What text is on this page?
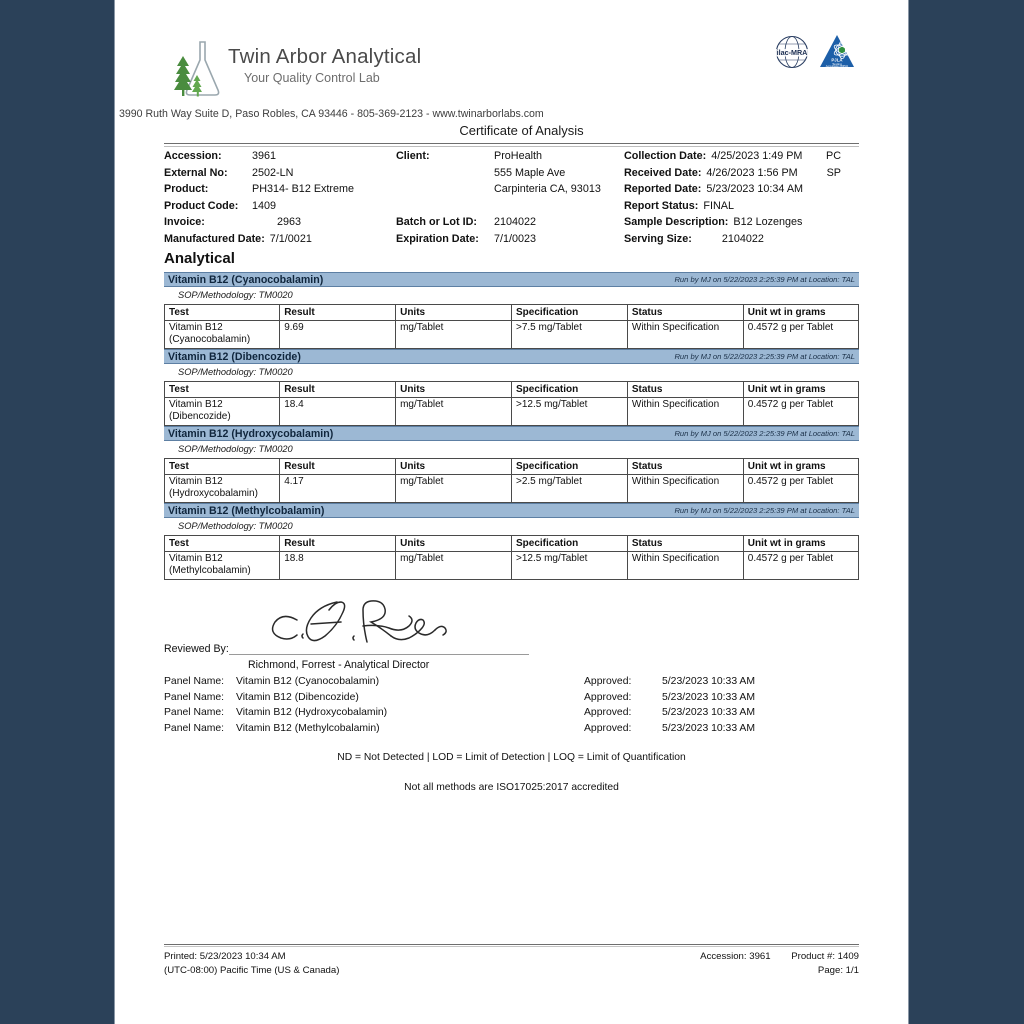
Twin Arbor Analytical
Your Quality Control Lab
ilac-MRA
PJLA
Testing
Accreditation #09521
3990 Ruth Way Suite D, Paso Robles, CA 93446 - 805-369-2123 - www.twinarborlabs.com
Certificate of Analysis
Accession:	3961
External No:	2502-LN
Product:	PH314- B12 Extreme
Product Code:	1409
Invoice:	2963
Manufactured Date: 7/1/0021
Client:	ProHealth
555 Maple Ave
Carpinteria CA, 93013
Batch or Lot ID:	2104022
Expiration Date:	7/1/0023
Collection Date: 4/25/2023 1:49 PM PC
Received Date: 4/26/2023 1:56 PM	SP
Reported Date: 5/23/2023 10:34 AM
Report Status: FINAL
Sample Description: B12 Lozenges
Serving Size:	2104022
Analytical
Vitamin B12 (Cyanocobalamin)	Run by MJ on 5/22/2023 2:25:39 PM at Location: TAL
SOP/Methodology: TM0020
Test	Result	Units	Specification	Status	Unit wt in grams
Vitamin B12 (Cyanocobalamin)	9.69	mg/Tablet	>7.5 mg/Tablet	Within Specification	0.4572 g per Tablet
Vitamin B12 (Dibencozide)	Run by MJ on 5/22/2023 2:25:39 PM at Location: TAL
SOP/Methodology: TM0020
Test	Result	Units	Specification	Status	Unit wt in grams
Vitamin B12 (Dibencozide)	18.4	mg/Tablet	>12.5 mg/Tablet	Within Specification	0.4572 g per Tablet
Vitamin B12 (Hydroxycobalamin)	Run by MJ on 5/22/2023 2:25:39 PM at Location: TAL
SOP/Methodology: TM0020
Test	Result	Units	Specification	Status	Unit wt in grams
Vitamin B12 (Hydroxycobalamin)	4.17	mg/Tablet	>2.5 mg/Tablet	Within Specification	0.4572 g per Tablet
Vitamin B12 (Methylcobalamin)	Run by MJ on 5/22/2023 2:25:39 PM at Location: TAL
SOP/Methodology: TM0020
Test	Result	Units	Specification	Status	Unit wt in grams
Vitamin B12 (Methylcobalamin)	18.8	mg/Tablet	>12.5 mg/Tablet	Within Specification	0.4572 g per Tablet
Reviewed By:
Richmond, Forrest - Analytical Director
Panel Name:	Vitamin B12 (Cyanocobalamin)	Approved:	5/23/2023 10:33 AM
Panel Name:	Vitamin B12 (Dibencozide)	Approved:	5/23/2023 10:33 AM
Panel Name:	Vitamin B12 (Hydroxycobalamin)	Approved:	5/23/2023 10:33 AM
Panel Name:	Vitamin B12 (Methylcobalamin)	Approved:	5/23/2023 10:33 AM
ND = Not Detected | LOD = Limit of Detection | LOQ = Limit of Quantification
Not all methods are ISO17025:2017 accredited
Printed: 5/23/2023 10:34 AM
(UTC-08:00) Pacific Time (US & Canada)
Accession: 3961 Product #: 1409
Page: 1/1
